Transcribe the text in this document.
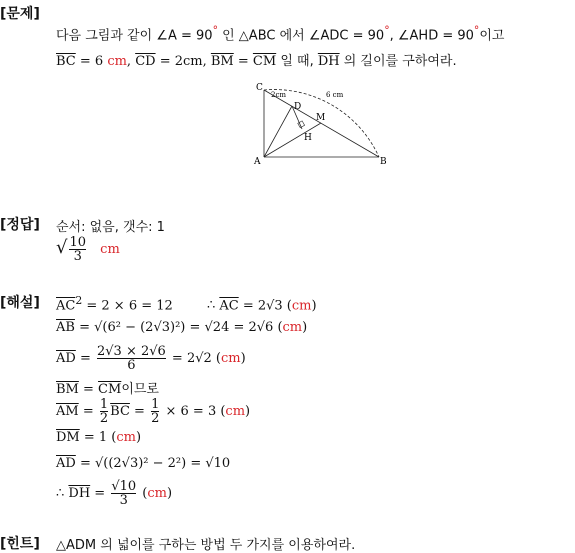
[문제]
다음 그림과 같이 ∠A = 90° 인 △ABC 에서 ∠ADC = 90°, ∠AHD = 90°이고
$\overline{BC} = 6$ cm, $\overline{CD} = 2cm$, $\overline{BM} = \overline{CM}$ 일 때, $\overline{DH}$ 의 길이를 구하여라.
C
D
M
H
A	B
2cm	6 cm
[정답] 순서: 없음, 갯수: 1
√ $\frac{10}{3}$ cm
[해설] $\overline{AC}^2 = 2 \times 6 = 12$	∴ $\overline{AC} = 2√3$ (cm)
$\overline{AB} = √(6^2 - (2√3)^2) = √24 = 2√6$ (cm)
$\overline{AD} = \frac{2√3 \times 2√6}{6} = 2√2$ (cm)
$\overline{BM} = \overline{CM}$이므로
$\overline{AM} = \frac{1}{2} \overline{BC} = \frac{1}{2} \times 6 = 3$ (cm)
$\overline{DM} = 1$ (cm)
$\overline{AD} = √((2√3)^2 - 2^2) = √10$
∴ $\overline{DH} = \frac{√10}{3} (cm)$
[힌트] △ADM 의 넓이를 구하는 방법 두 가지를 이용하여라.
